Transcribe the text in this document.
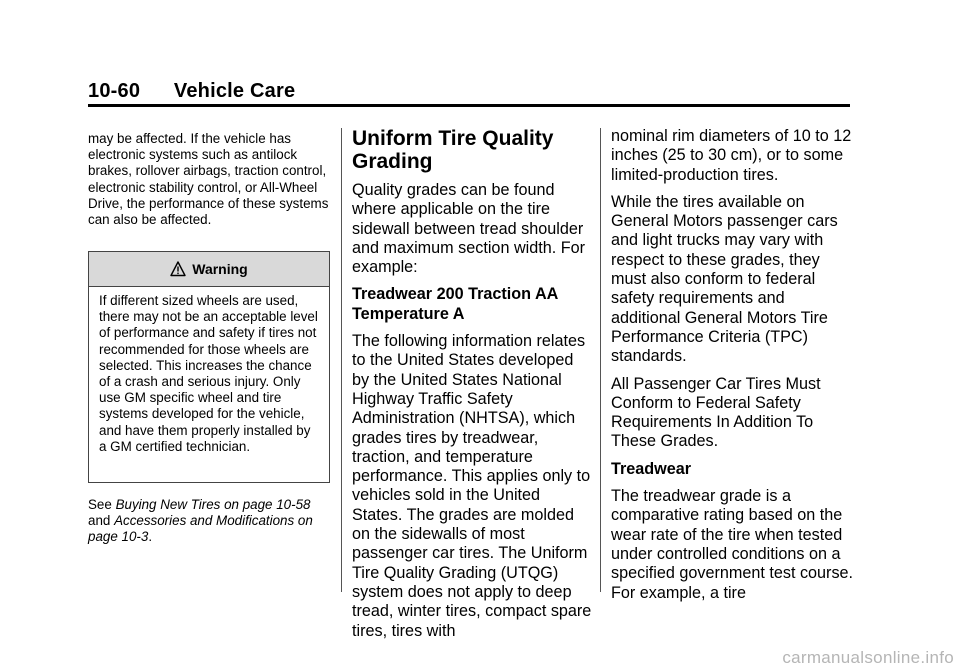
10-60 Vehicle Care

may be affected. If the vehicle has electronic systems such as antilock brakes, rollover airbags, traction control, electronic stability control, or All-Wheel Drive, the performance of these systems can also be affected.

Warning
If different sized wheels are used, there may not be an acceptable level of performance and safety if tires not recommended for those wheels are selected. This increases the chance of a crash and serious injury. Only use GM specific wheel and tire systems developed for the vehicle, and have them properly installed by a GM certified technician.
See Buying New Tires on page 10-58 and Accessories and Modifications on page 10-3.

Uniform Tire Quality Grading

Quality grades can be found where applicable on the tire sidewall between tread shoulder and maximum section width. For example:

Treadwear 200 Traction AA Temperature A

The following information relates to the United States developed by the United States National Highway Traffic Safety Administration (NHTSA), which grades tires by treadwear, traction, and temperature performance. This applies only to vehicles sold in the United States. The grades are molded on the sidewalls of most passenger car tires. The Uniform Tire Quality Grading (UTQG) system does not apply to deep tread, winter tires, compact spare tires, tires with

nominal rim diameters of 10 to 12 inches (25 to 30 cm), or to some limited-production tires.

While the tires available on General Motors passenger cars and light trucks may vary with respect to these grades, they must also conform to federal safety requirements and additional General Motors Tire Performance Criteria (TPC) standards.

All Passenger Car Tires Must Conform to Federal Safety Requirements In Addition To These Grades.

Treadwear

The treadwear grade is a comparative rating based on the wear rate of the tire when tested under controlled conditions on a specified government test course. For example, a tire

carmanualsonline.info
